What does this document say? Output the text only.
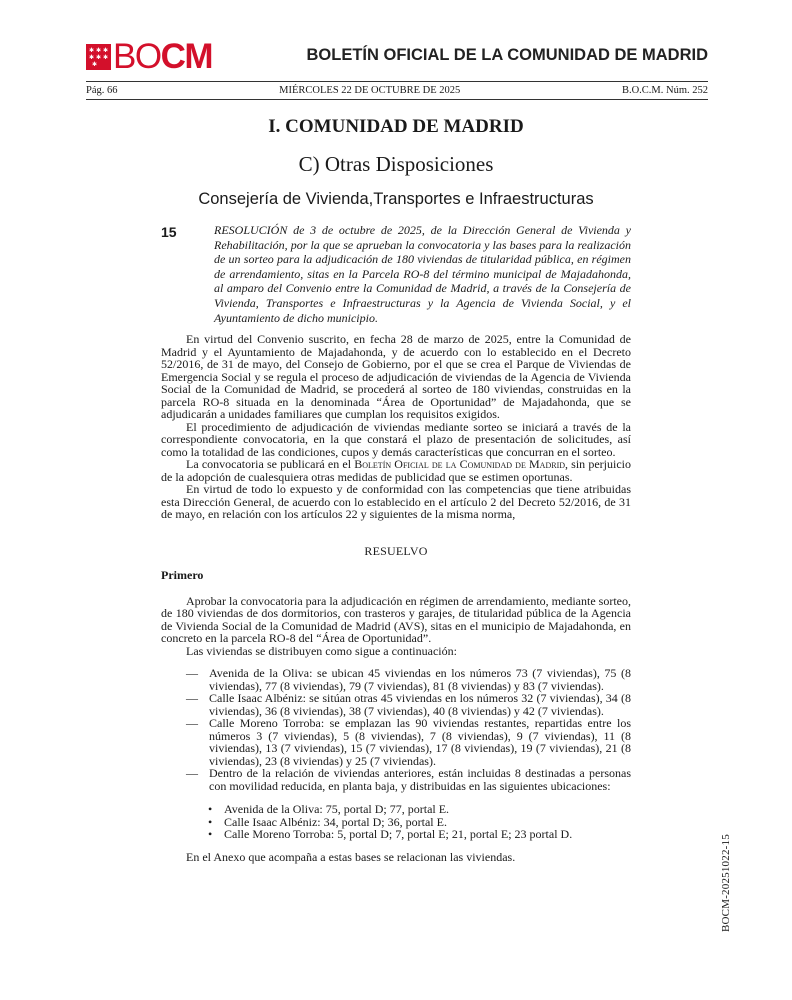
✱ ✱ ✱
✱ ✱ ✱
✱ BOCM	BOLETÍN OFICIAL DE LA COMUNIDAD DE MADRID
Pág. 66	MIÉRCOLES 22 DE OCTUBRE DE 2025	B.O.C.M. Núm. 252
I. COMUNIDAD DE MADRID
C) Otras Disposiciones
Consejería de Vivienda,Transportes e Infraestructuras
15	RESOLUCIÓN de 3 de octubre de 2025, de la Dirección General de Vivienda y Rehabilitación, por la que se aprueban la convocatoria y las bases para la realización de un sorteo para la adjudicación de 180 viviendas de titularidad pública, en régimen de arrendamiento, sitas en la Parcela RO-8 del término municipal de Majadahonda, al amparo del Convenio entre la Comunidad de Madrid, a través de la Consejería de Vivienda, Transportes e Infraestructuras y la Agencia de Vivienda Social, y el Ayuntamiento de dicho municipio.

En virtud del Convenio suscrito, en fecha 28 de marzo de 2025, entre la Comunidad de Madrid y el Ayuntamiento de Majadahonda, y de acuerdo con lo establecido en el Decreto 52/2016, de 31 de mayo, del Consejo de Gobierno, por el que se crea el Parque de Viviendas de Emergencia Social y se regula el proceso de adjudicación de viviendas de la Agencia de Vivienda Social de la Comunidad de Madrid, se procederá al sorteo de 180 viviendas, construidas en la parcela RO-8 situada en la denominada “Área de Oportunidad” de Majadahonda, que se adjudicarán a unidades familiares que cumplan los requisitos exigidos.

El procedimiento de adjudicación de viviendas mediante sorteo se iniciará a través de la correspondiente convocatoria, en la que constará el plazo de presentación de solicitudes, así como la totalidad de las condiciones, cupos y demás características que concurran en el sorteo.

La convocatoria se publicará en el Boletín Oficial de la Comunidad de Madrid, sin perjuicio de la adopción de cualesquiera otras medidas de publicidad que se estimen oportunas.

En virtud de todo lo expuesto y de conformidad con las competencias que tiene atribuidas esta Dirección General, de acuerdo con lo establecido en el artículo 2 del Decreto 52/2016, de 31 de mayo, en relación con los artículos 22 y siguientes de la misma norma,

RESUELVO

Primero

Aprobar la convocatoria para la adjudicación en régimen de arrendamiento, mediante sorteo, de 180 viviendas de dos dormitorios, con trasteros y garajes, de titularidad pública de la Agencia de Vivienda Social de la Comunidad de Madrid (AVS), sitas en el municipio de Majadahonda, en concreto en la parcela RO-8 del “Área de Oportunidad”.

Las viviendas se distribuyen como sigue a continuación:

— Avenida de la Oliva: se ubican 45 viviendas en los números 73 (7 viviendas), 75 (8 viviendas), 77 (8 viviendas), 79 (7 viviendas), 81 (8 viviendas) y 83 (7 viviendas).
— Calle Isaac Albéniz: se sitúan otras 45 viviendas en los números 32 (7 viviendas), 34 (8 viviendas), 36 (8 viviendas), 38 (7 viviendas), 40 (8 viviendas) y 42 (7 viviendas).
— Calle Moreno Torroba: se emplazan las 90 viviendas restantes, repartidas entre los números 3 (7 viviendas), 5 (8 viviendas), 7 (8 viviendas), 9 (7 viviendas), 11 (8 viviendas), 13 (7 viviendas), 15 (7 viviendas), 17 (8 viviendas), 19 (7 viviendas), 21 (8 viviendas), 23 (8 viviendas) y 25 (7 viviendas).
— Dentro de la relación de viviendas anteriores, están incluidas 8 destinadas a personas con movilidad reducida, en planta baja, y distribuidas en las siguientes ubicaciones:
• Avenida de la Oliva: 75, portal D; 77, portal E.
• Calle Isaac Albéniz: 34, portal D; 36, portal E.
• Calle Moreno Torroba: 5, portal D; 7, portal E; 21, portal E; 23 portal D.

En el Anexo que acompaña a estas bases se relacionan las viviendas.	BOCM-20251022-15
